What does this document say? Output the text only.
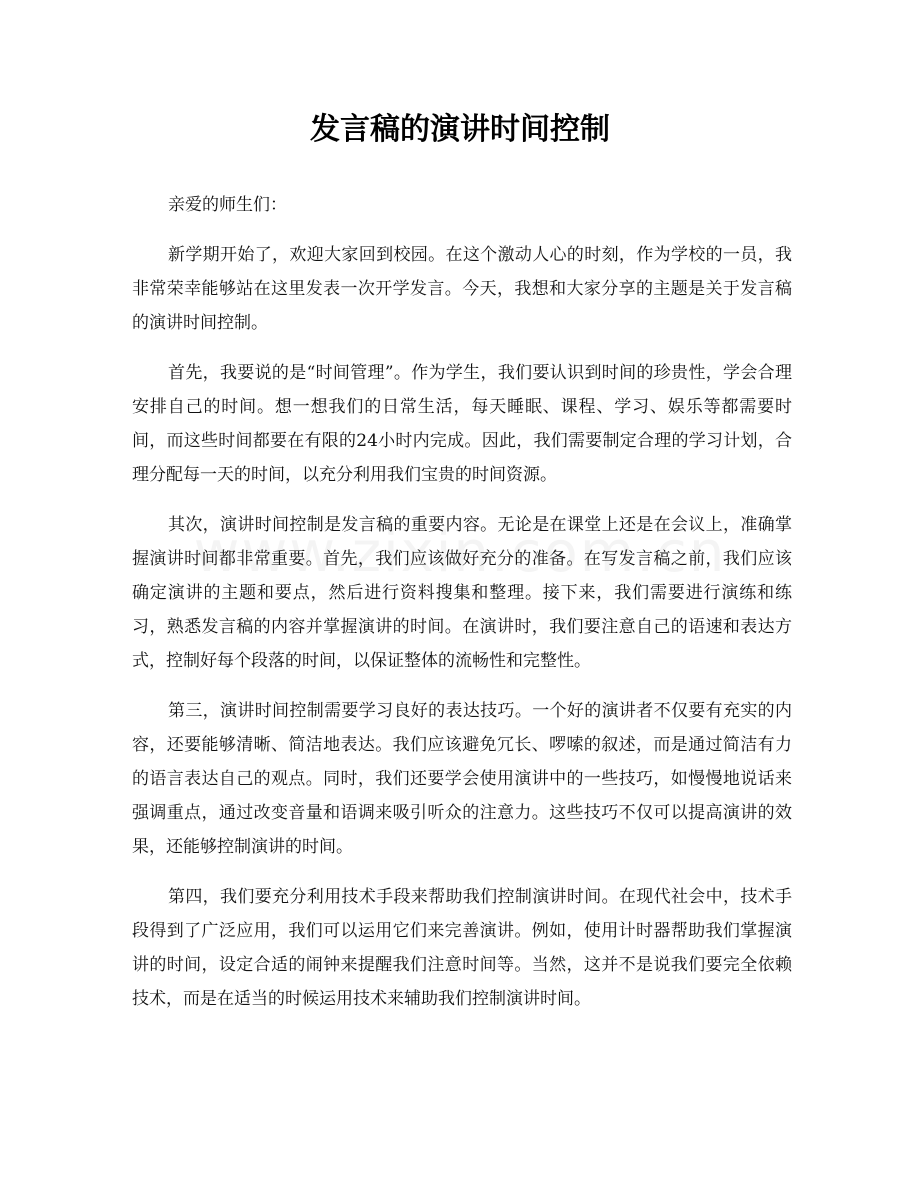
发言稿的演讲时间控制

亲爱的师生们：

新学期开始了，欢迎大家回到校园。在这个激动人心的时刻，作为学校的一员，我非常荣幸能够站在这里发表一次开学发言。今天，我想和大家分享的主题是关于发言稿的演讲时间控制。

首先，我要说的是“时间管理”。作为学生，我们要认识到时间的珍贵性，学会合理安排自己的时间。想一想我们的日常生活，每天睡眠、课程、学习、娱乐等都需要时间，而这些时间都要在有限的24小时内完成。因此，我们需要制定合理的学习计划，合理分配每一天的时间，以充分利用我们宝贵的时间资源。

其次，演讲时间控制是发言稿的重要内容。无论是在课堂上还是在会议上，准确掌握演讲时间都非常重要。首先，我们应该做好充分的准备。在写发言稿之前，我们应该确定演讲的主题和要点，然后进行资料搜集和整理。接下来，我们需要进行演练和练习，熟悉发言稿的内容并掌握演讲的时间。在演讲时，我们要注意自己的语速和表达方式，控制好每个段落的时间，以保证整体的流畅性和完整性。

第三，演讲时间控制需要学习良好的表达技巧。一个好的演讲者不仅要有充实的内容，还要能够清晰、简洁地表达。我们应该避免冗长、啰嗦的叙述，而是通过简洁有力的语言表达自己的观点。同时，我们还要学会使用演讲中的一些技巧，如慢慢地说话来强调重点，通过改变音量和语调来吸引听众的注意力。这些技巧不仅可以提高演讲的效果，还能够控制演讲的时间。

第四，我们要充分利用技术手段来帮助我们控制演讲时间。在现代社会中，技术手段得到了广泛应用，我们可以运用它们来完善演讲。例如，使用计时器帮助我们掌握演讲的时间，设定合适的闹钟来提醒我们注意时间等。当然，这并不是说我们要完全依赖技术，而是在适当的时候运用技术来辅助我们控制演讲时间。
